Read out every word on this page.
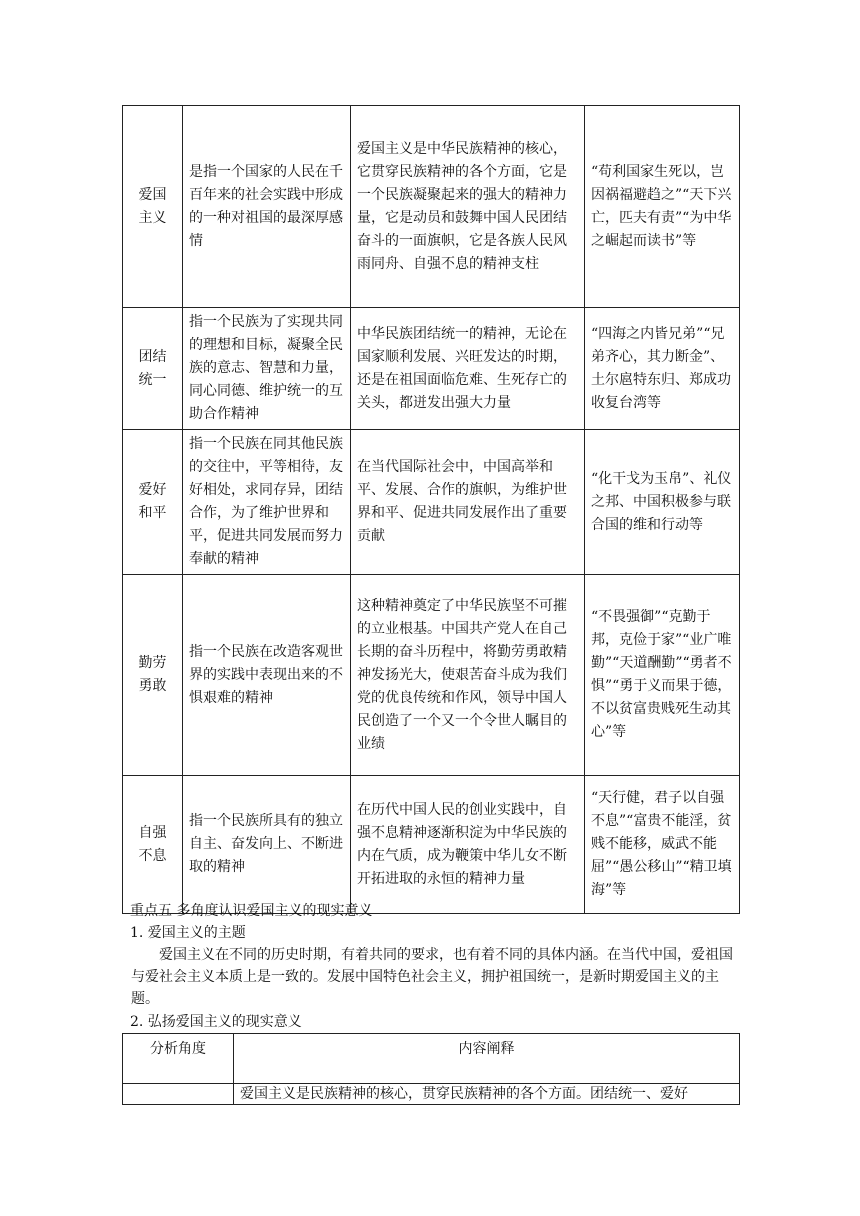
爱国主义	是指一个国家的人民在千百年来的社会实践中形成的一种对祖国的最深厚感情	爱国主义是中华民族精神的核心，它贯穿民族精神的各个方面，它是一个民族凝聚起来的强大的精神力量，它是动员和鼓舞中国人民团结奋斗的一面旗帜，它是各族人民风雨同舟、自强不息的精神支柱	“苟利国家生死以，岂因祸福避趋之”“天下兴亡，匹夫有责”“为中华之崛起而读书”等
团结统一	指一个民族为了实现共同的理想和目标，凝聚全民族的意志、智慧和力量，同心同德、维护统一的互助合作精神	中华民族团结统一的精神，无论在国家顺利发展、兴旺发达的时期，还是在祖国面临危难、生死存亡的关头，都迸发出强大力量	“四海之内皆兄弟”“兄弟齐心，其力断金”、土尔扈特东归、郑成功收复台湾等
爱好和平	指一个民族在同其他民族的交往中，平等相待，友好相处，求同存异，团结合作，为了维护世界和平，促进共同发展而努力奉献的精神	在当代国际社会中，中国高举和平、发展、合作的旗帜，为维护世界和平、促进共同发展作出了重要贡献	“化干戈为玉帛”、礼仪之邦、中国积极参与联合国的维和行动等
勤劳勇敢	指一个民族在改造客观世界的实践中表现出来的不惧艰难的精神	这种精神奠定了中华民族坚不可摧的立业根基。中国共产党人在自己长期的奋斗历程中，将勤劳勇敢精神发扬光大，使艰苦奋斗成为我们党的优良传统和作风，领导中国人民创造了一个又一个令世人瞩目的业绩	“不畏强御”“克勤于邦，克俭于家”“业广唯勤”“天道酬勤”“勇者不惧”“勇于义而果于德，不以贫富贵贱死生动其心”等
自强不息	指一个民族所具有的独立自主、奋发向上、不断进取的精神	在历代中国人民的创业实践中，自强不息精神逐渐积淀为中华民族的内在气质，成为鞭策中华儿女不断开拓进取的永恒的精神力量	“天行健，君子以自强不息”“富贵不能淫，贫贱不能移，威武不能屈”“愚公移山”“精卫填海”等
重点五 多角度认识爱国主义的现实意义
1. 爱国主义的主题
爱国主义在不同的历史时期，有着共同的要求，也有着不同的具体内涵。在当代中国，爱祖国与爱社会主义本质上是一致的。发展中国特色社会主义，拥护祖国统一，是新时期爱国主义的主题。
2. 弘扬爱国主义的现实意义
分析角度	内容阐释
	爱国主义是民族精神的核心，贯穿民族精神的各个方面。团结统一、爱好
